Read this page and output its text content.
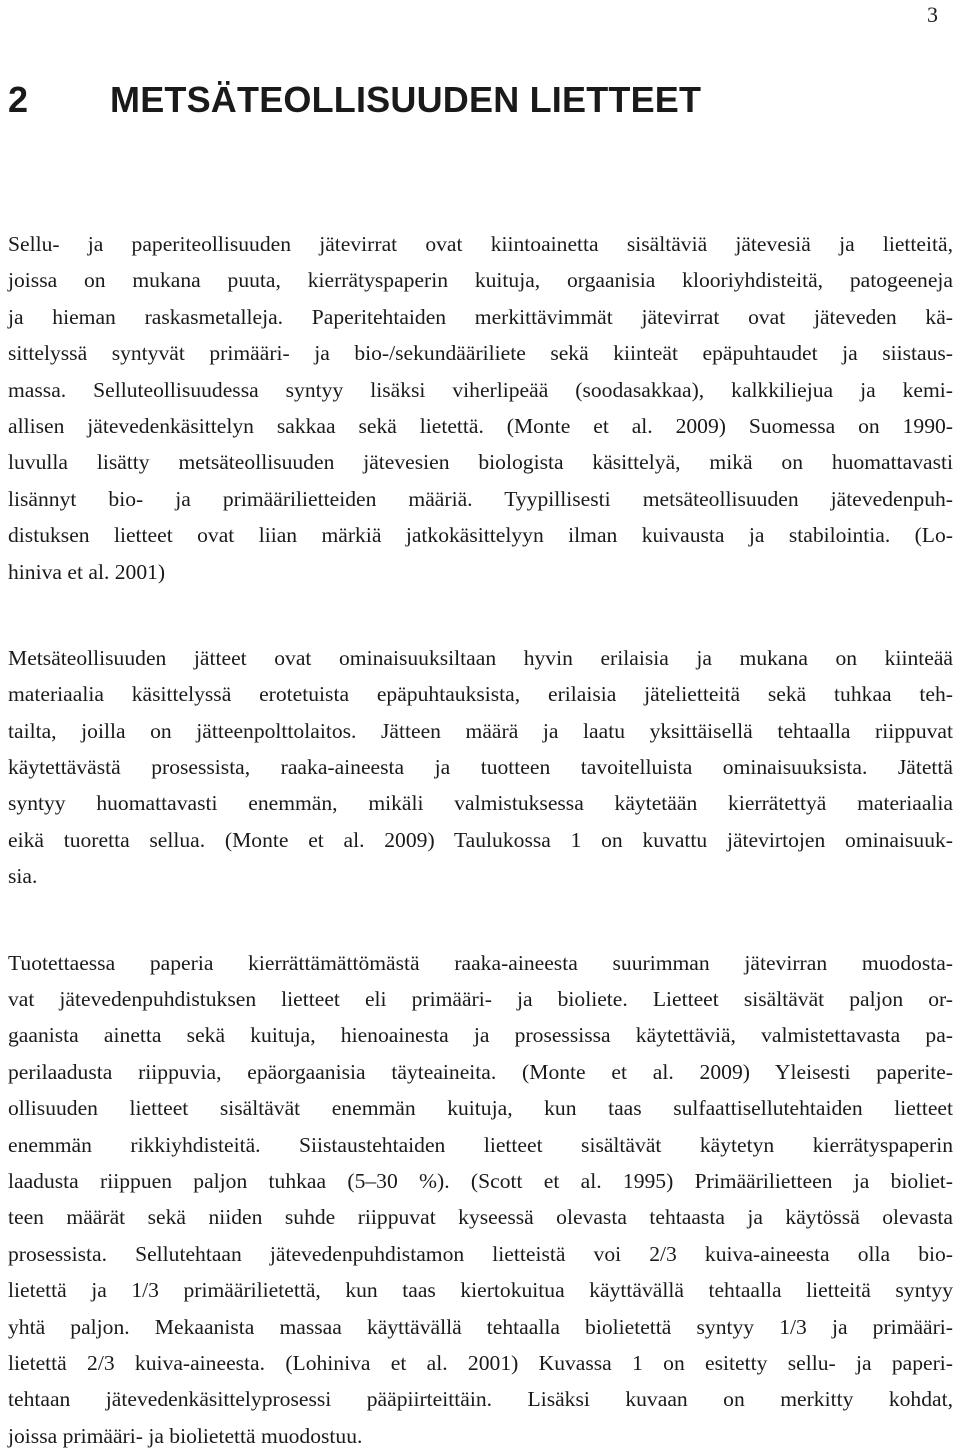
3
2 METSÄTEOLLISUUDEN LIETTEET
Sellu- ja paperiteollisuuden jätevirrat ovat kiintoainetta sisältäviä jätevesiä ja lietteitä,
joissa on mukana puuta, kierrätyspaperin kuituja, orgaanisia klooriyhdisteitä, patogeeneja
ja hieman raskasmetalleja. Paperitehtaiden merkittävimmät jätevirrat ovat jäteveden kä-
sittelyssä syntyvät primääri- ja bio-/sekundääriliete sekä kiinteät epäpuhtaudet ja siistaus-
massa. Selluteollisuudessa syntyy lisäksi viherlipeää (soodasakkaa), kalkkiliejua ja kemi-
allisen jätevedenkäsittelyn sakkaa sekä lietettä. (Monte et al. 2009) Suomessa on 1990-
luvulla lisätty metsäteollisuuden jätevesien biologista käsittelyä, mikä on huomattavasti
lisännyt bio- ja primäärilietteiden määriä. Tyypillisesti metsäteollisuuden jätevedenpuh-
distuksen lietteet ovat liian märkiä jatkokäsittelyyn ilman kuivausta ja stabilointia. (Lo-
hiniva et al. 2001)
Metsäteollisuuden jätteet ovat ominaisuuksiltaan hyvin erilaisia ja mukana on kiinteää
materiaalia käsittelyssä erotetuista epäpuhtauksista, erilaisia jätelietteitä sekä tuhkaa teh-
tailta, joilla on jätteenpolttolaitos. Jätteen määrä ja laatu yksittäisellä tehtaalla riippuvat
käytettävästä prosessista, raaka-aineesta ja tuotteen tavoitelluista ominaisuuksista. Jätettä
syntyy huomattavasti enemmän, mikäli valmistuksessa käytetään kierrätettyä materiaalia
eikä tuoretta sellua. (Monte et al. 2009) Taulukossa 1 on kuvattu jätevirtojen ominaisuuk-
sia.
Tuotettaessa paperia kierrättämättömästä raaka-aineesta suurimman jätevirran muodosta-
vat jätevedenpuhdistuksen lietteet eli primääri- ja bioliete. Lietteet sisältävät paljon or-
gaanista ainetta sekä kuituja, hienoainesta ja prosessissa käytettäviä, valmistettavasta pa-
perilaadusta riippuvia, epäorgaanisia täyteaineita. (Monte et al. 2009) Yleisesti paperite-
ollisuuden lietteet sisältävät enemmän kuituja, kun taas sulfaattisellutehtaiden lietteet
enemmän rikkiyhdisteitä. Siistaustehtaiden lietteet sisältävät käytetyn kierrätyspaperin
laadusta riippuen paljon tuhkaa (5–30 %). (Scott et al. 1995) Primäärilietteen ja bioliet-
teen määrät sekä niiden suhde riippuvat kyseessä olevasta tehtaasta ja käytössä olevasta
prosessista. Sellutehtaan jätevedenpuhdistamon lietteistä voi 2/3 kuiva-aineesta olla bio-
lietettä ja 1/3 primäärilietettä, kun taas kiertokuitua käyttävällä tehtaalla lietteitä syntyy
yhtä paljon. Mekaanista massaa käyttävällä tehtaalla biolietettä syntyy 1/3 ja primääri-
lietettä 2/3 kuiva-aineesta. (Lohiniva et al. 2001) Kuvassa 1 on esitetty sellu- ja paperi-
tehtaan jätevedenkäsittelyprosessi pääpiirteittäin. Lisäksi kuvaan on merkitty kohdat,
joissa primääri- ja biolietettä muodostuu.
